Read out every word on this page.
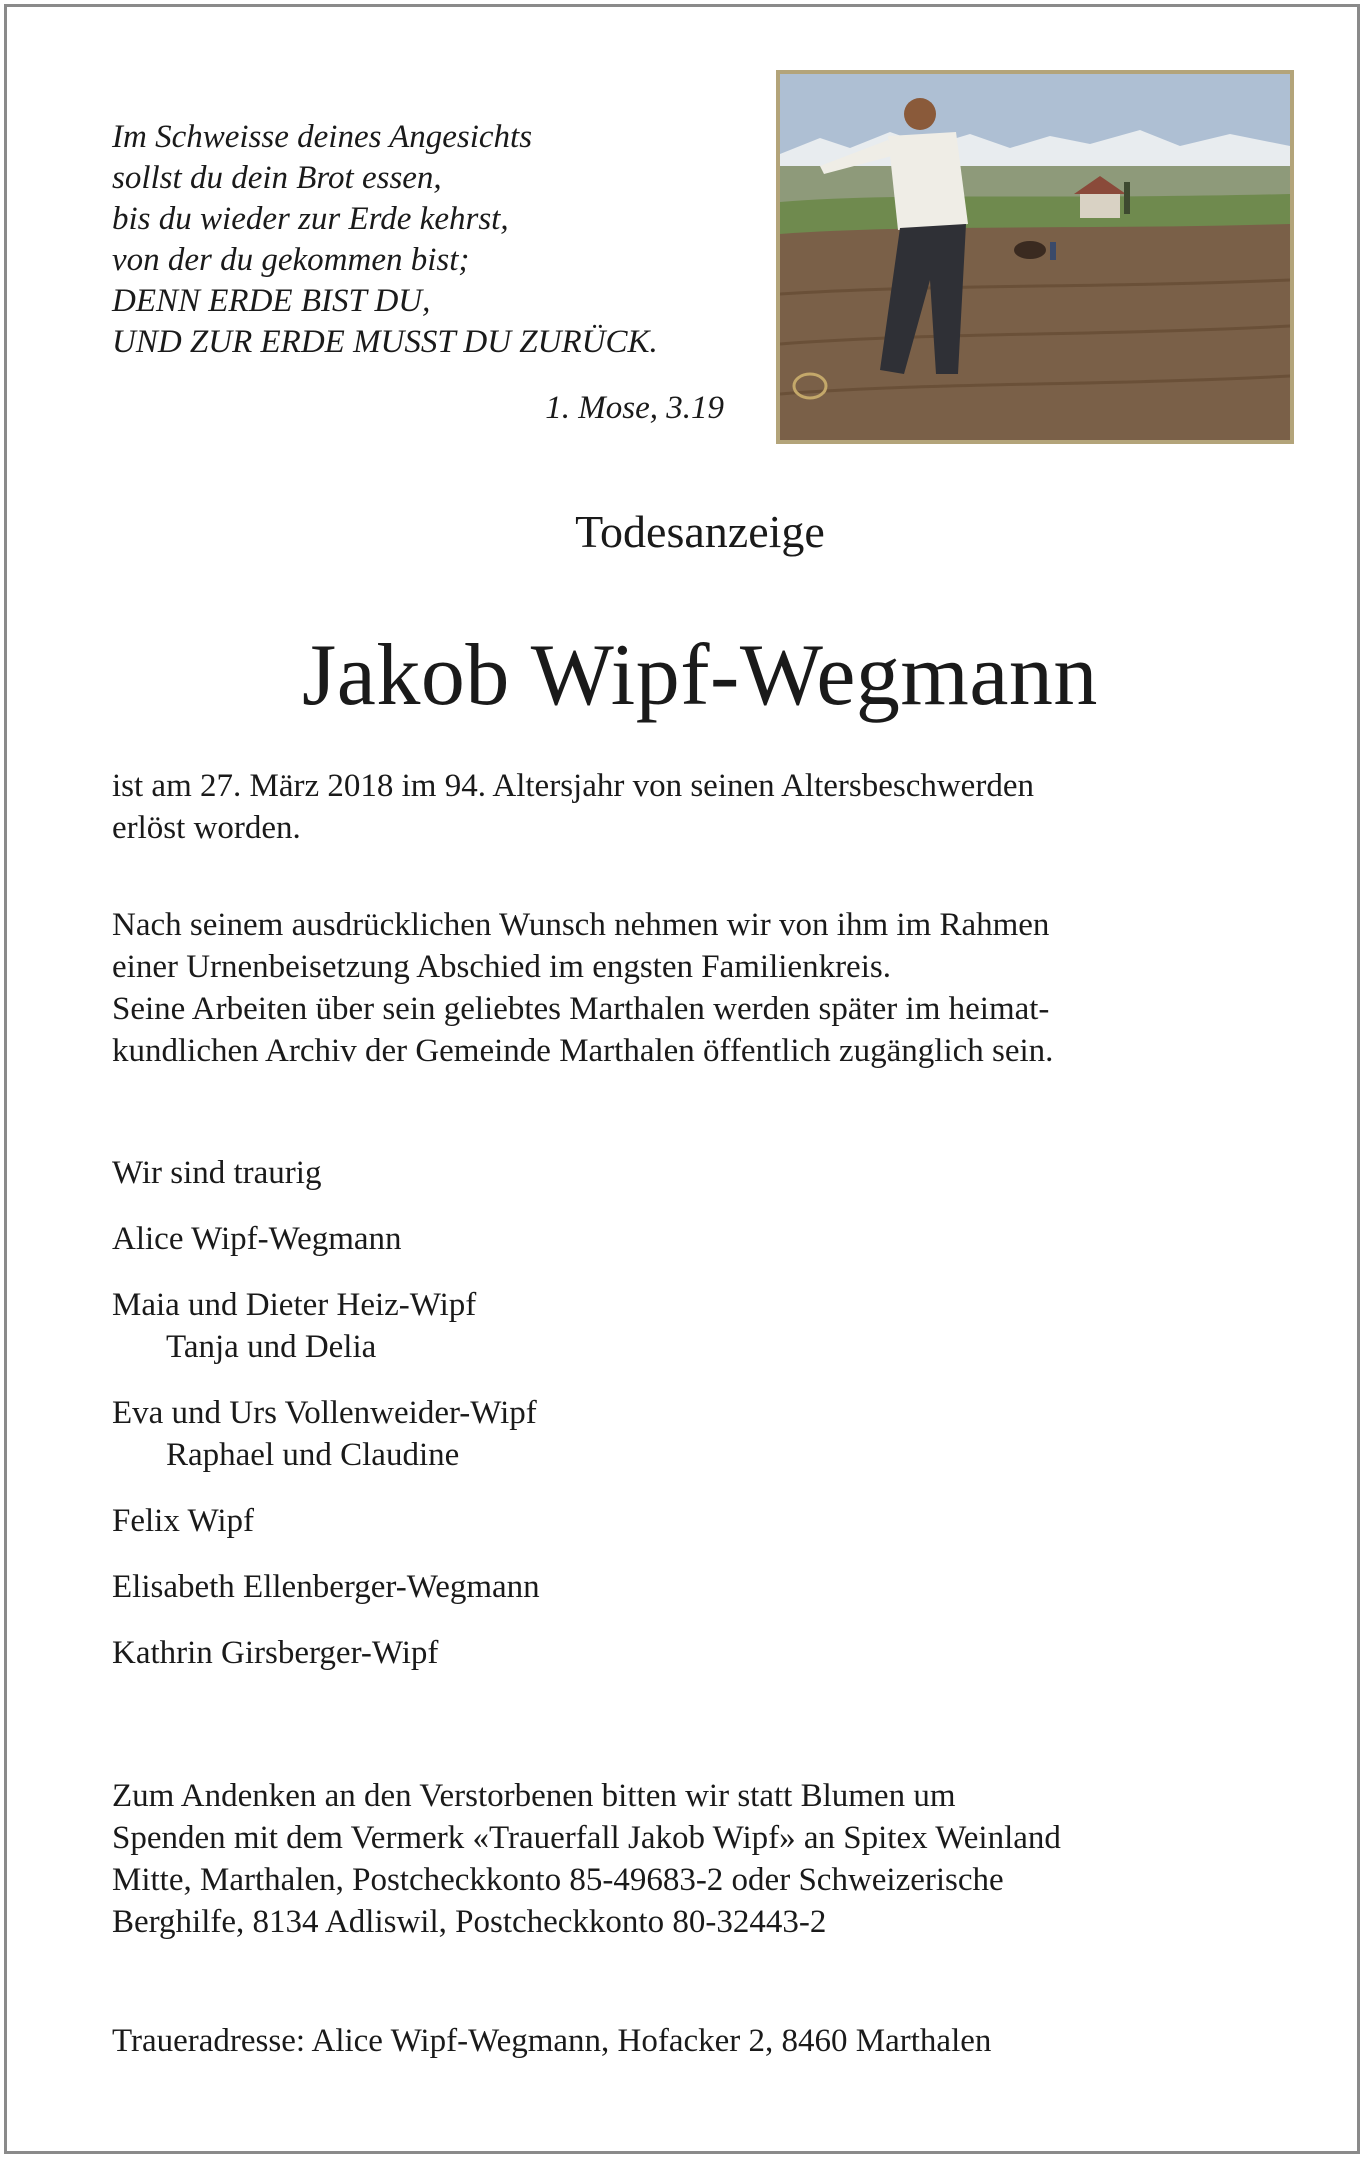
Im Schweisse deines Angesichts
sollst du dein Brot essen,
bis du wieder zur Erde kehrst,
von der du gekommen bist;
DENN ERDE BIST DU,
UND ZUR ERDE MUSST DU ZURÜCK.
1. Mose, 3.19
Todesanzeige
Jakob Wipf-Wegmann
ist am 27. März 2018 im 94. Altersjahr von seinen Altersbeschwerden
erlöst worden.
Nach seinem ausdrücklichen Wunsch nehmen wir von ihm im Rahmen
einer Urnenbeisetzung Abschied im engsten Familienkreis.
Seine Arbeiten über sein geliebtes Marthalen werden später im heimat-
kundlichen Archiv der Gemeinde Marthalen öffentlich zugänglich sein.
Wir sind traurig
Alice Wipf-Wegmann
Maia und Dieter Heiz-Wipf
Tanja und Delia
Eva und Urs Vollenweider-Wipf
Raphael und Claudine
Felix Wipf
Elisabeth Ellenberger-Wegmann
Kathrin Girsberger-Wipf
Zum Andenken an den Verstorbenen bitten wir statt Blumen um
Spenden mit dem Vermerk «Trauerfall Jakob Wipf» an Spitex Weinland
Mitte, Marthalen, Postcheckkonto 85-49683-2 oder Schweizerische
Berghilfe, 8134 Adliswil, Postcheckkonto 80-32443-2
Traueradresse: Alice Wipf-Wegmann, Hofacker 2, 8460 Marthalen
